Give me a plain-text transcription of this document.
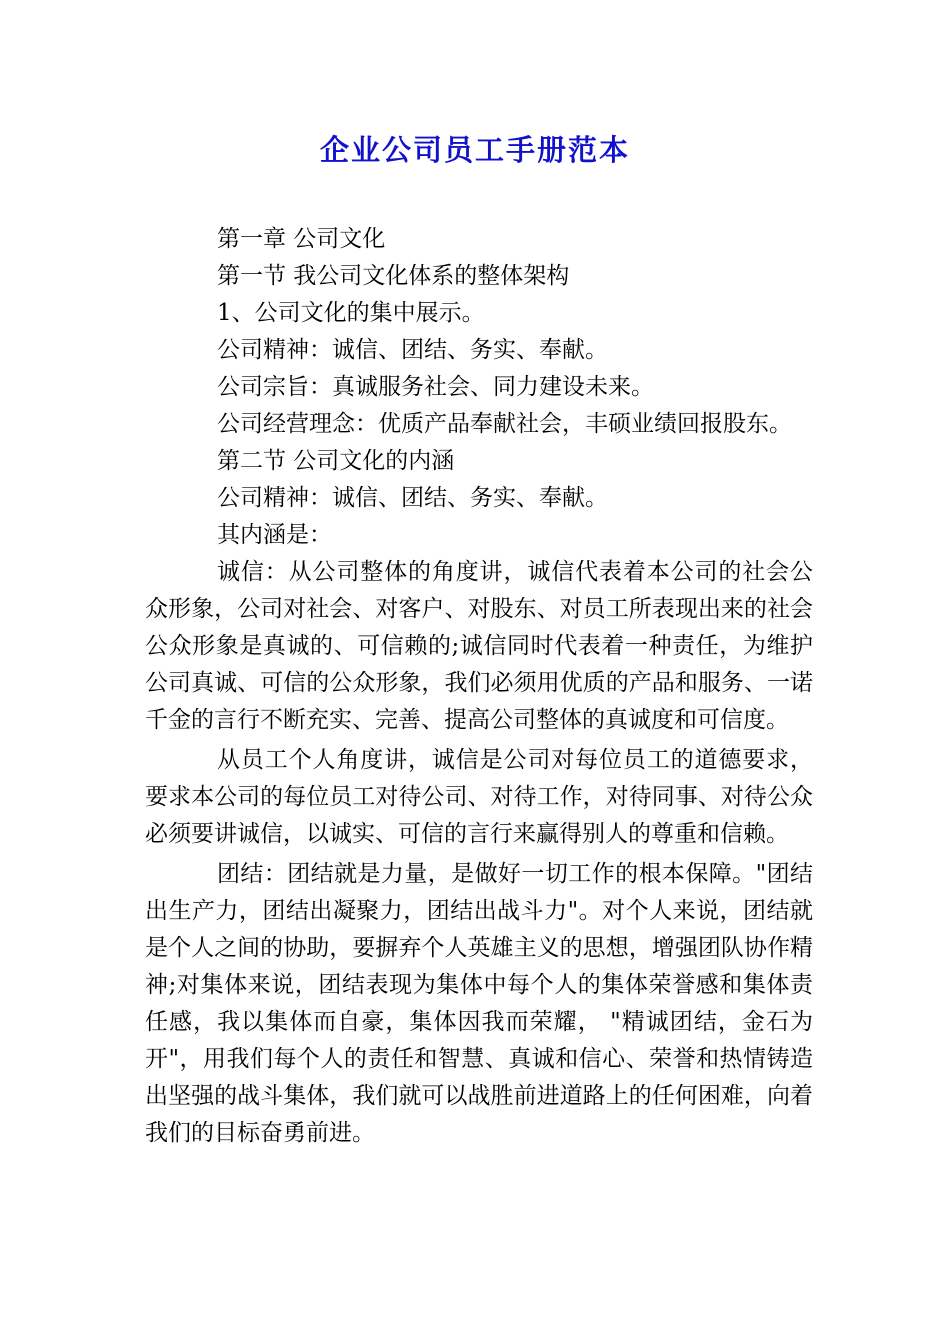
企业公司员工手册范本
第一章 公司文化
第一节 我公司文化体系的整体架构
1、公司文化的集中展示。
公司精神：诚信、团结、务实、奉献。
公司宗旨：真诚服务社会、同力建设未来。
公司经营理念：优质产品奉献社会，丰硕业绩回报股东。
第二节 公司文化的内涵
公司精神：诚信、团结、务实、奉献。
其内涵是：

诚信：从公司整体的角度讲，诚信代表着本公司的社会公众形象，公司对社会、对客户、对股东、对员工所表现出来的社会公众形象是真诚的、可信赖的;诚信同时代表着一种责任，为维护公司真诚、可信的公众形象，我们必须用优质的产品和服务、一诺千金的言行不断充实、完善、提高公司整体的真诚度和可信度。

从员工个人角度讲，诚信是公司对每位员工的道德要求，要求本公司的每位员工对待公司、对待工作，对待同事、对待公众必须要讲诚信，以诚实、可信的言行来赢得别人的尊重和信赖。

团结：团结就是力量，是做好一切工作的根本保障。"团结出生产力，团结出凝聚力，团结出战斗力"。对个人来说，团结就是个人之间的协助，要摒弃个人英雄主义的思想，增强团队协作精神;对集体来说，团结表现为集体中每个人的集体荣誉感和集体责任感，我以集体而自豪，集体因我而荣耀， "精诚团结，金石为开"，用我们每个人的责任和智慧、真诚和信心、荣誉和热情铸造出坚强的战斗集体，我们就可以战胜前进道路上的任何困难，向着我们的目标奋勇前进。
